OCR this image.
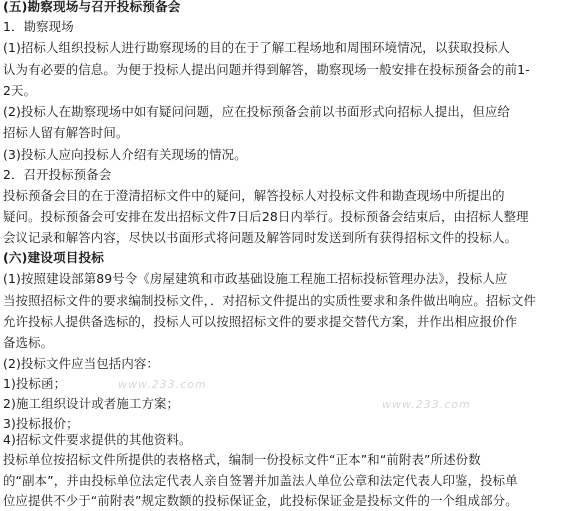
(五)勘察现场与召开投标预备会
1．勘察现场
(1)招标人组织投标人进行勘察现场的目的在于了解工程场地和周围环境情况，以获取投标人
认为有必要的信息。为便于投标人提出问题并得到解答，勘察现场一般安排在投标预备会的前1-
2天。
(2)投标人在勘察现场中如有疑问问题，应在投标预备会前以书面形式向招标人提出，但应给
招标人留有解答时间。
(3)投标人应向投标人介绍有关现场的情况。
2．召开投标预备会
投标预备会目的在于澄清招标文件中的疑问，解答投标人对投标文件和勘查现场中所提出的
疑问。投标预备会可安排在发出招标文件7日后28日内举行。投标预备会结束后，由招标人整理
会议记录和解答内容，尽快以书面形式将问题及解答同时发送到所有获得招标文件的投标人。
(六)建设项目投标
(1)按照建设部第89号令《房屋建筑和市政基础设施工程施工招标投标管理办法》，投标人应
当按照招标文件的要求编制投标文件，．对招标文件提出的实质性要求和条件做出响应。招标文件
允许投标人提供备选标的，投标人可以按照招标文件的要求提交替代方案，并作出相应报价作
备选标。
(2)投标文件应当包括内容：
1)投标函；
2)施工组织设计或者施工方案；
3)投标报价；
4)招标文件要求提供的其他资料。
投标单位按招标文件所提供的表格格式，编制一份投标文件“正本”和“前附表”所述份数
的“副本”，并由投标单位法定代表人亲自签署并加盖法人单位公章和法定代表人印鉴，投标单
位应提供不少于“前附表”规定数额的投标保证金，此投标保证金是投标文件的一个组成部分。
www.233.com
www.233.com
